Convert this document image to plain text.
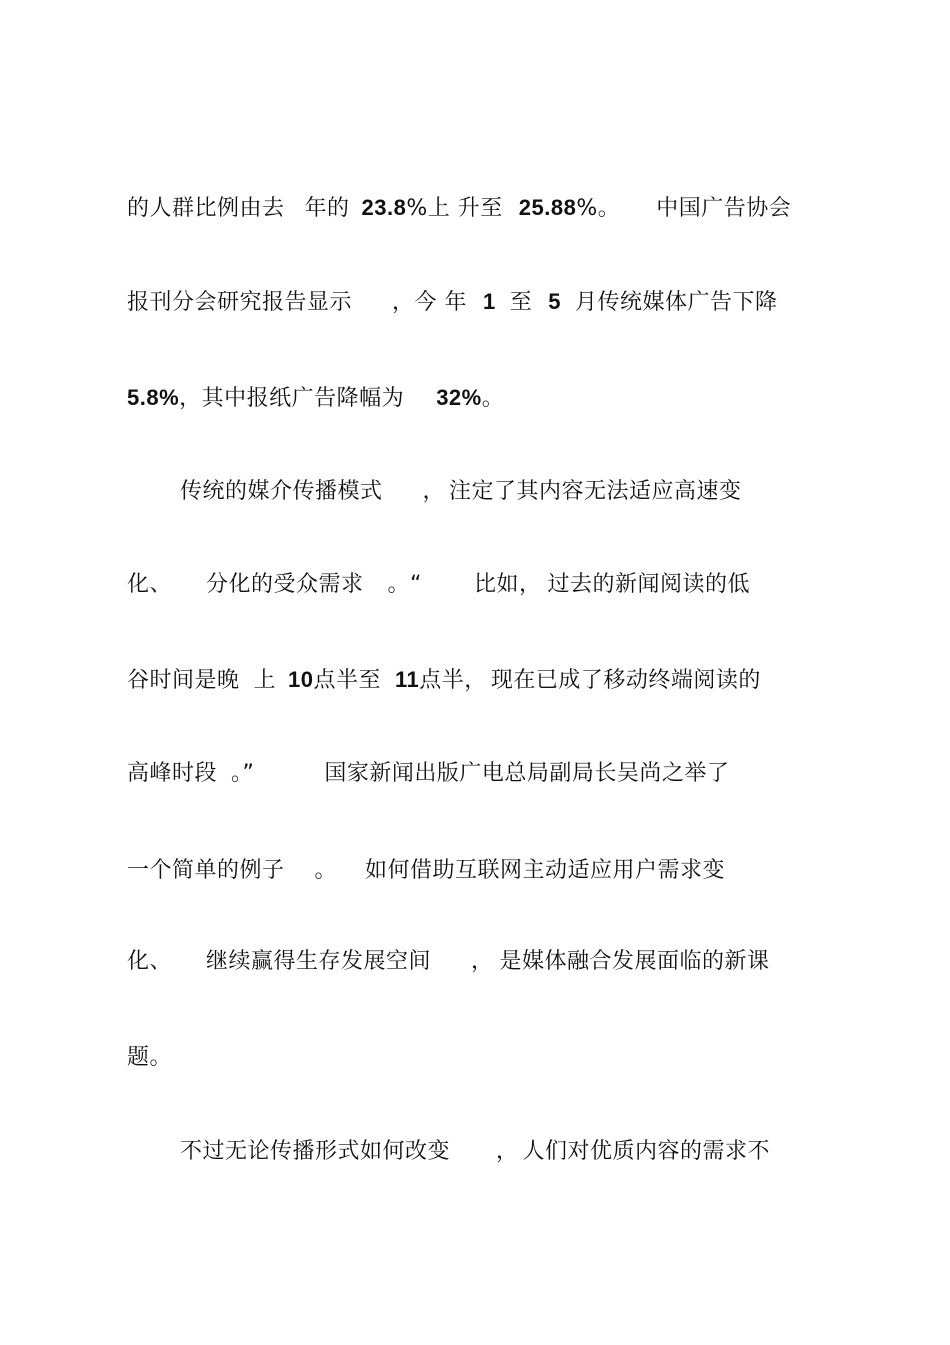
的人群比例由去 年的 23.8%上 升至 25.88%。 中国广告协会
报刊分会研究报告显示 ，今 年 1 至 5 月传统媒体广告下降
5.8%，其中报纸广告降幅为 32%。
传统的媒介传播模式 ， 注定了其内容无法适应高速变
化、 分化的受众需求 。“ 比如， 过去的新闻阅读的低
谷时间是晚 上 10点半至 11点半， 现在已成了移动终端阅读的
高峰时段 。”	国家新闻出版广电总局副局长吴尚之举了
一个简单的例子 。 如何借助互联网主动适应用户需求变
化、 继续赢得生存发展空间 ， 是媒体融合发展面临的新课
题。
不过无论传播形式如何改变 ， 人们对优质内容的需求不
